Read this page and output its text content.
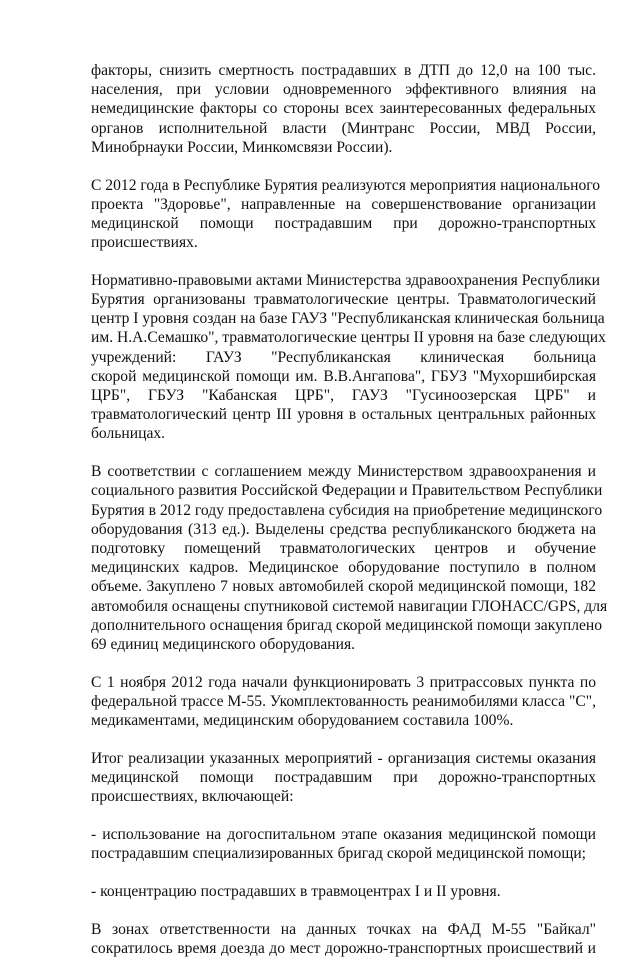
факторы, снизить смертность пострадавших в ДТП до 12,0 на 100 тыс.
населения, при условии одновременного эффективного влияния на
немедицинские факторы со стороны всех заинтересованных федеральных
органов исполнительной власти (Минтранс России, МВД России,
Минобрнауки России, Минкомсвязи России).

С 2012 года в Республике Бурятия реализуются мероприятия национального
проекта "Здоровье", направленные на совершенствование организации
медицинской помощи пострадавшим при дорожно-транспортных
происшествиях.

Нормативно-правовыми актами Министерства здравоохранения Республики
Бурятия организованы травматологические центры. Травматологический
центр I уровня создан на базе ГАУЗ "Республиканская клиническая больница
им. Н.А.Семашко", травматологические центры II уровня на базе следующих
учреждений: ГАУЗ "Республиканская клиническая больница
скорой медицинской помощи им. В.В.Ангапова", ГБУЗ "Мухоршибирская
ЦРБ", ГБУЗ "Кабанская ЦРБ", ГАУЗ "Гусиноозерская ЦРБ" и
травматологический центр III уровня в остальных центральных районных
больницах.

В соответствии с соглашением между Министерством здравоохранения и
социального развития Российской Федерации и Правительством Республики
Бурятия в 2012 году предоставлена субсидия на приобретение медицинского
оборудования (313 ед.). Выделены средства республиканского бюджета на
подготовку помещений травматологических центров и обучение
медицинских кадров. Медицинское оборудование поступило в полном
объеме. Закуплено 7 новых автомобилей скорой медицинской помощи, 182
автомобиля оснащены спутниковой системой навигации ГЛОНАСС/GPS, для
дополнительного оснащения бригад скорой медицинской помощи закуплено
69 единиц медицинского оборудования.

С 1 ноября 2012 года начали функционировать 3 притрассовых пункта по
федеральной трассе М-55. Укомплектованность реанимобилями класса "С",
медикаментами, медицинским оборудованием составила 100%.

Итог реализации указанных мероприятий - организация системы оказания
медицинской помощи пострадавшим при дорожно-транспортных
происшествиях, включающей:

- использование на догоспитальном этапе оказания медицинской помощи
пострадавшим специализированных бригад скорой медицинской помощи;

- концентрацию пострадавших в травмоцентрах I и II уровня.

В зонах ответственности на данных точках на ФАД М-55 "Байкал"
сократилось время доезда до мест дорожно-транспортных происшествий и
